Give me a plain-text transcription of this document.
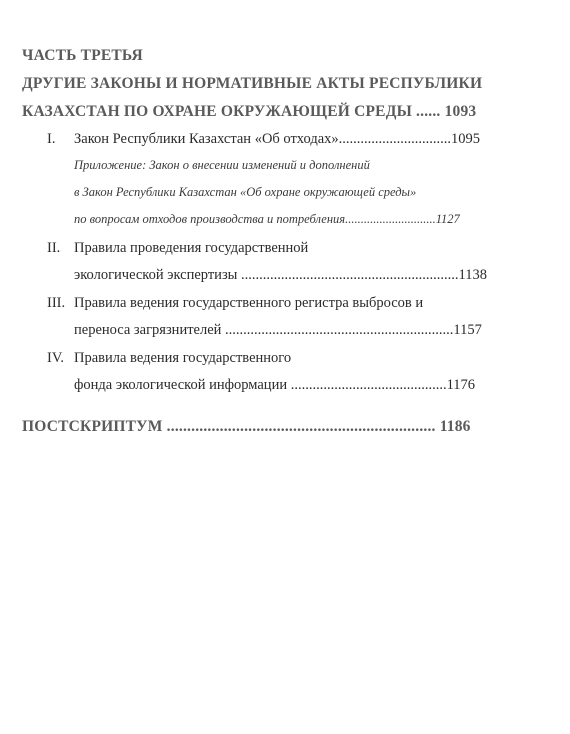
ЧАСТЬ ТРЕТЬЯ
ДРУГИЕ ЗАКОНЫ И НОРМАТИВНЫЕ АКТЫ РЕСПУБЛИКИ
КАЗАХСТАН ПО ОХРАНЕ ОКРУЖАЮЩЕЙ СРЕДЫ ...... 1093
I. Закон Республики Казахстан «Об отходах»...............................1095
Приложение: Закон о внесении изменений и дополнений
в Закон Республики Казахстан «Об охране окружающей среды»
по вопросам отходов производства и потребления.............................1127
II. Правила проведения государственной
экологической экспертизы ............................................................1138
III. Правила ведения государственного регистра выбросов и
переноса загрязнителей ...............................................................1157
IV. Правила ведения государственного
фонда экологической информации ...........................................1176
ПОСТСКРИПТУМ .................................................................. 1186
